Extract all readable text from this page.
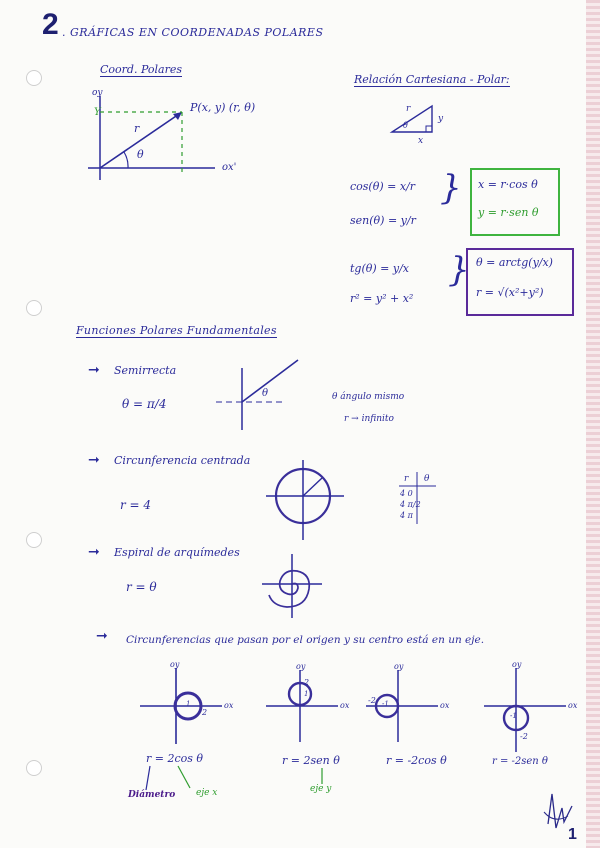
2 . GRÁFICAS EN COORDENADAS POLARES
Coord. Polares
oy
ox'
Y	P(x, y) (r, θ)
r
θ
Relación Cartesiana - Polar:
r
y
x
θ
cos(θ) = x/r
sen(θ) = y/r
} x = r·cos θ
y = r·sen θ
tg(θ) = y/x
r² = y² + x²
} θ = arctg(y/x)
r = √(x²+y²)
Funciones Polares Fundamentales
➞ Semirrecta
θ = π/4
θ	θ ángulo mismo
r → infinito
➞ Circunferencia centrada
r = 4
r θ
4 0
4 π/2
4 π
➞ Espiral de arquímedes
r = θ
➞ Circunferencias que pasan por el origen y su centro está en un eje.
oy
ox
1
2
oy
ox
2
1
oy
ox
-2 -1
oy
ox
-1
-2
r = 2cos θ	r = 2sen θ	r = -2cos θ	r = -2sen θ
Diámetro eje x	eje y
1
